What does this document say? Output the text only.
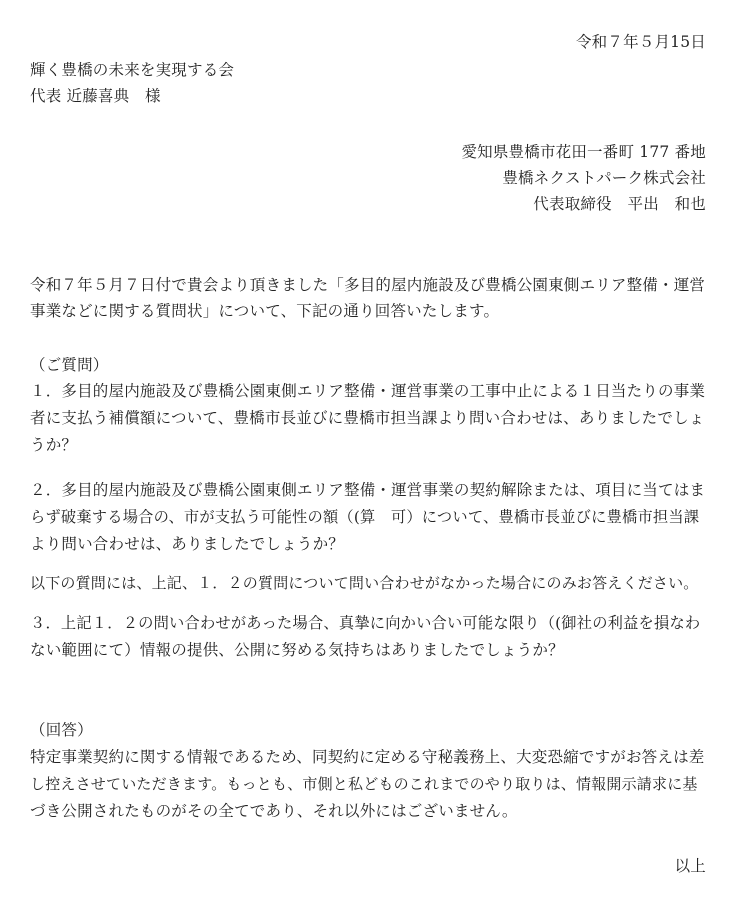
令和７年５月15日
輝く豊橋の未来を実現する会
代表 近藤喜典　様
愛知県豊橋市花田一番町 177 番地
豊橋ネクストパーク株式会社
代表取締役　平出　和也
令和７年５月７日付で貴会より頂きました「多目的屋内施設及び豊橋公園東側エリア整備・運営
事業などに関する質問状」について、下記の通り回答いたします。
（ご質問）
１．多目的屋内施設及び豊橋公園東側エリア整備・運営事業の工事中止による１日当たりの事業
者に支払う補償額について、豊橋市長並びに豊橋市担当課より問い合わせは、ありましたでしょ
うか？
２．多目的屋内施設及び豊橋公園東側エリア整備・運営事業の契約解除または、項目に当てはま
らず破棄する場合の、市が支払う可能性の額（(算　可）について、豊橋市長並びに豊橋市担当課
より問い合わせは、ありましたでしょうか？
以下の質問には、上記、１．２の質問について問い合わせがなかった場合にのみお答えください。
３．上記１．２の問い合わせがあった場合、真摯に向かい合い可能な限り（(御社の利益を損なわ
ない範囲にて）情報の提供、公開に努める気持ちはありましたでしょうか？
（回答）
特定事業契約に関する情報であるため、同契約に定める守秘義務上、大変恐縮ですがお答えは差
し控えさせていただきます。もっとも、市側と私どものこれまでのやり取りは、情報開示請求に基
づき公開されたものがその全てであり、それ以外にはございません。
以上
